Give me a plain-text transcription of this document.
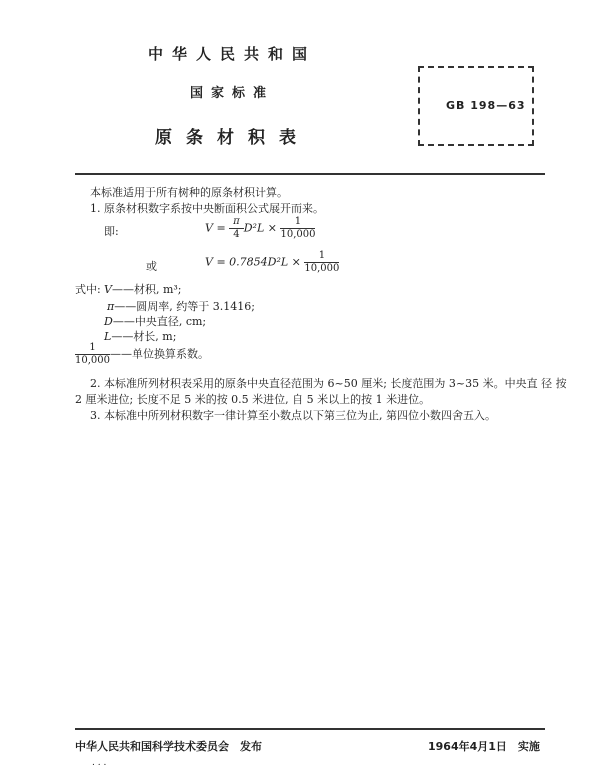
中华人民共和国
国家标准
原条材积表
GB 198—63
本标准适用于所有树种的原条材积计算。
1. 原条材积数字系按中央断面积公式展开而来。
即:	$V = \frac{\pi}{4} D^2L \times \frac{1}{10,000}$
或	$V = 0.7854D^2L \times \frac{1}{10,000}$
式中: V——材积, m³;
π——圆周率, 约等于 3.1416;
D——中央直径, cm;
L——材长, m;
$\frac{1}{10,000}$ ——单位换算系数。
2. 本标准所列材积表采用的原条中央直径范围为 6~50 厘米; 长度范围为 3~35 米。中央直 径 按
2 厘米进位; 长度不足 5 米的按 0.5 米进位, 自 5 米以上的按 1 米进位。
3. 本标准中所列材积数字一律计算至小数点以下第三位为止, 第四位小数四舍五入。
中华人民共和国科学技术委员会　发布	1964年4月1日　实施
. . .
